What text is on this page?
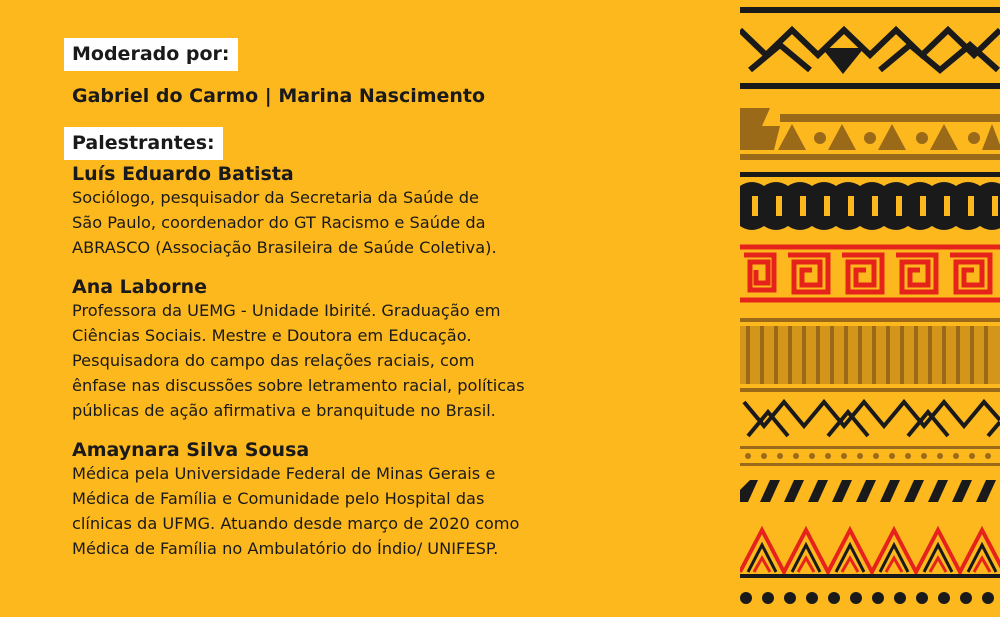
Moderado por:
Gabriel do Carmo | Marina Nascimento
Palestrantes:
Luís Eduardo Batista
Sociólogo, pesquisador da Secretaria da Saúde de
São Paulo, coordenador do GT Racismo e Saúde da
ABRASCO (Associação Brasileira de Saúde Coletiva).
Ana Laborne
Professora da UEMG - Unidade Ibirité. Graduação em
Ciências Sociais. Mestre e Doutora em Educação.
Pesquisadora do campo das relações raciais, com
ênfase nas discussões sobre letramento racial, políticas
públicas de ação afirmativa e branquitude no Brasil.
Amaynara Silva Sousa
Médica pela Universidade Federal de Minas Gerais e
Médica de Família e Comunidade pelo Hospital das
clínicas da UFMG. Atuando desde março de 2020 como
Médica de Família no Ambulatório do Índio/ UNIFESP.
